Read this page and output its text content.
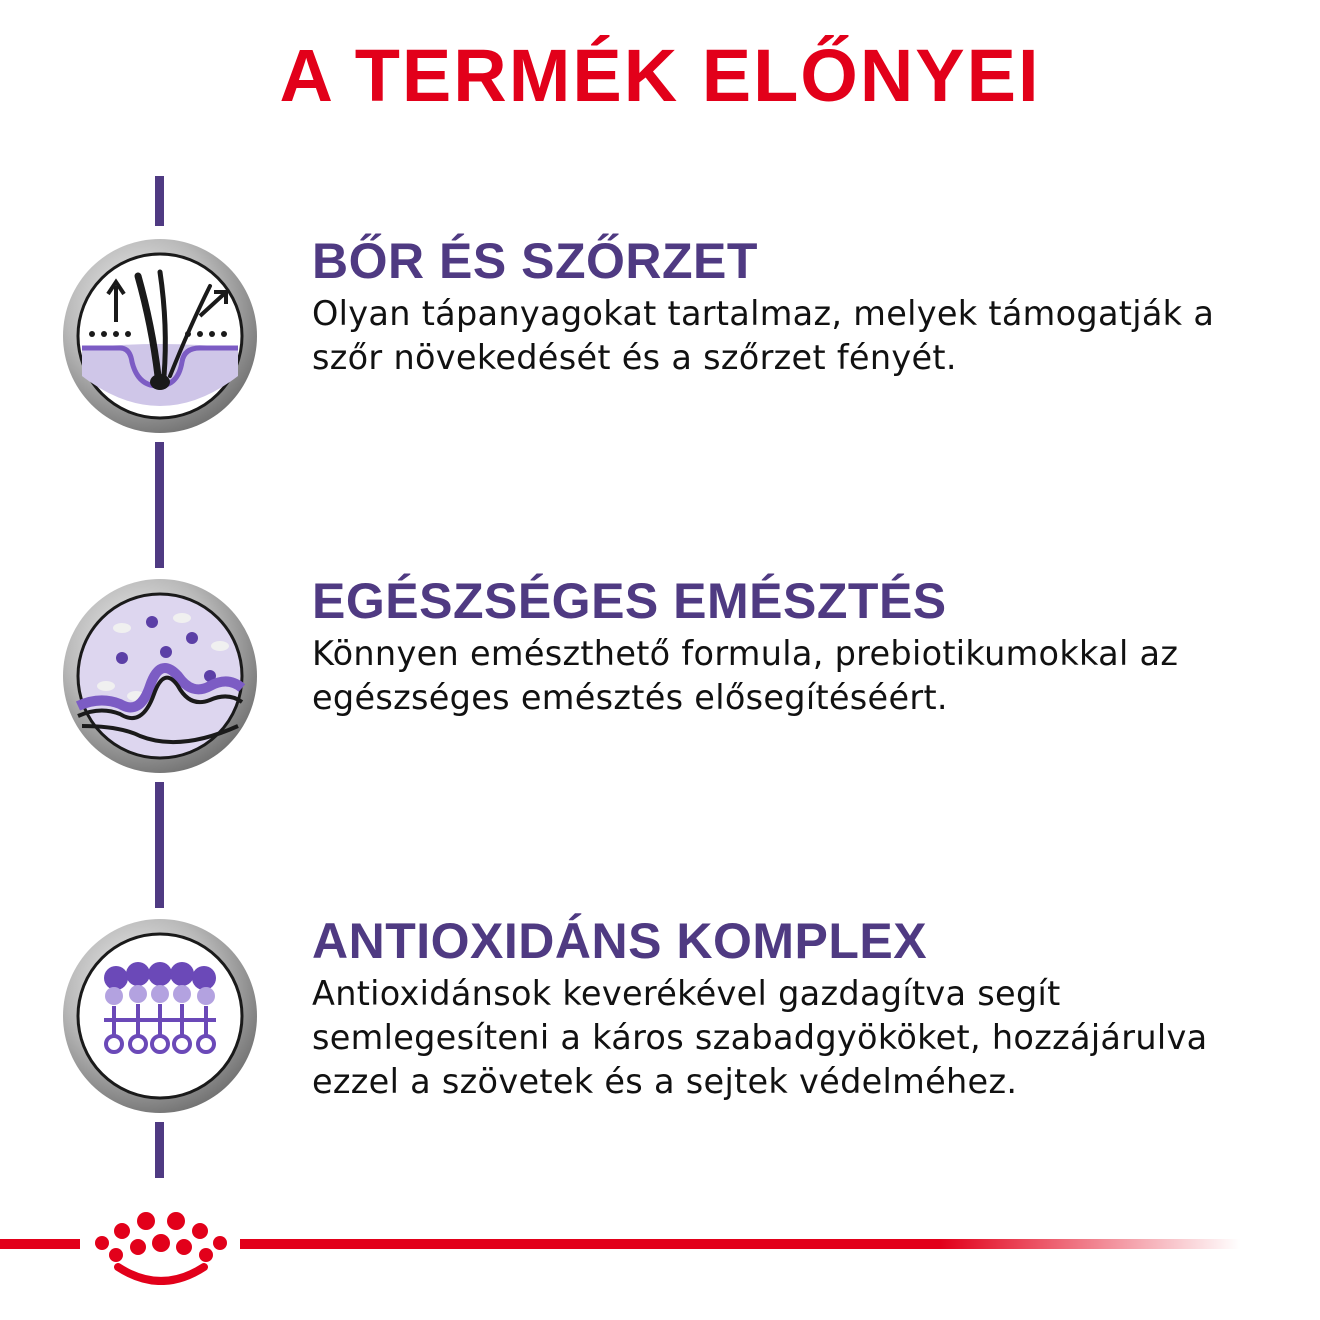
A TERMÉK ELŐNYEI
BŐR ÉS SZŐRZET

Olyan tápanyagokat tartalmaz, melyek támogatják a szőr növekedését és a szőrzet fényét.

EGÉSZSÉGES EMÉSZTÉS

Könnyen emészthető formula, prebiotikumokkal az egészséges emésztés elősegítéséért.

ANTIOXIDÁNS KOMPLEX

Antioxidánsok keverékével gazdagítva segít semlegesíteni a káros szabadgyököket, hozzájárulva ezzel a szövetek és a sejtek védelméhez.
